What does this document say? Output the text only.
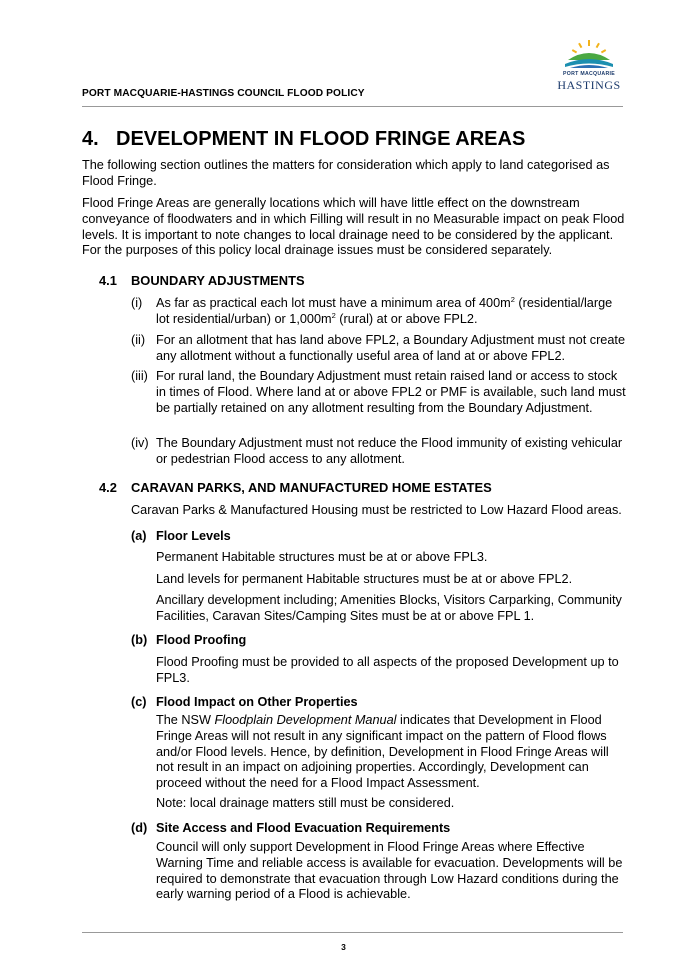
PORT MACQUARIE
HASTINGS
PORT MACQUARIE-HASTINGS COUNCIL FLOOD POLICY
4. DEVELOPMENT IN FLOOD FRINGE AREAS
The following section outlines the matters for consideration which apply to land categorised as Flood Fringe.
Flood Fringe Areas are generally locations which will have little effect on the downstream conveyance of floodwaters and in which Filling will result in no Measurable impact on peak Flood levels. It is important to note changes to local drainage need to be considered by the applicant. For the purposes of this policy local drainage issues must be considered separately.
4.1 BOUNDARY ADJUSTMENTS
(i) As far as practical each lot must have a minimum area of $400m^2$ (residential/large lot residential/urban) or $1,000m^2$ (rural) at or above FPL2.
(ii) For an allotment that has land above FPL2, a Boundary Adjustment must not create any allotment without a functionally useful area of land at or above FPL2.
(iii) For rural land, the Boundary Adjustment must retain raised land or access to stock in times of Flood. Where land at or above FPL2 or PMF is available, such land must be partially retained on any allotment resulting from the Boundary Adjustment.
(iv) The Boundary Adjustment must not reduce the Flood immunity of existing vehicular or pedestrian Flood access to any allotment.
4.2 CARAVAN PARKS, AND MANUFACTURED HOME ESTATES
Caravan Parks & Manufactured Housing must be restricted to Low Hazard Flood areas.
(a) Floor Levels
Permanent Habitable structures must be at or above FPL3.
Land levels for permanent Habitable structures must be at or above FPL2.
Ancillary development including; Amenities Blocks, Visitors Carparking, Community Facilities, Caravan Sites/Camping Sites must be at or above FPL 1.
(b) Flood Proofing
Flood Proofing must be provided to all aspects of the proposed Development up to FPL3.
(c) Flood Impact on Other Properties
The NSW Floodplain Development Manual indicates that Development in Flood Fringe Areas will not result in any significant impact on the pattern of Flood flows and/or Flood levels. Hence, by definition, Development in Flood Fringe Areas will not result in an impact on adjoining properties. Accordingly, Development can proceed without the need for a Flood Impact Assessment.
Note: local drainage matters still must be considered.
(d) Site Access and Flood Evacuation Requirements
Council will only support Development in Flood Fringe Areas where Effective Warning Time and reliable access is available for evacuation. Developments will be required to demonstrate that evacuation through Low Hazard conditions during the early warning period of a Flood is achievable.
3
